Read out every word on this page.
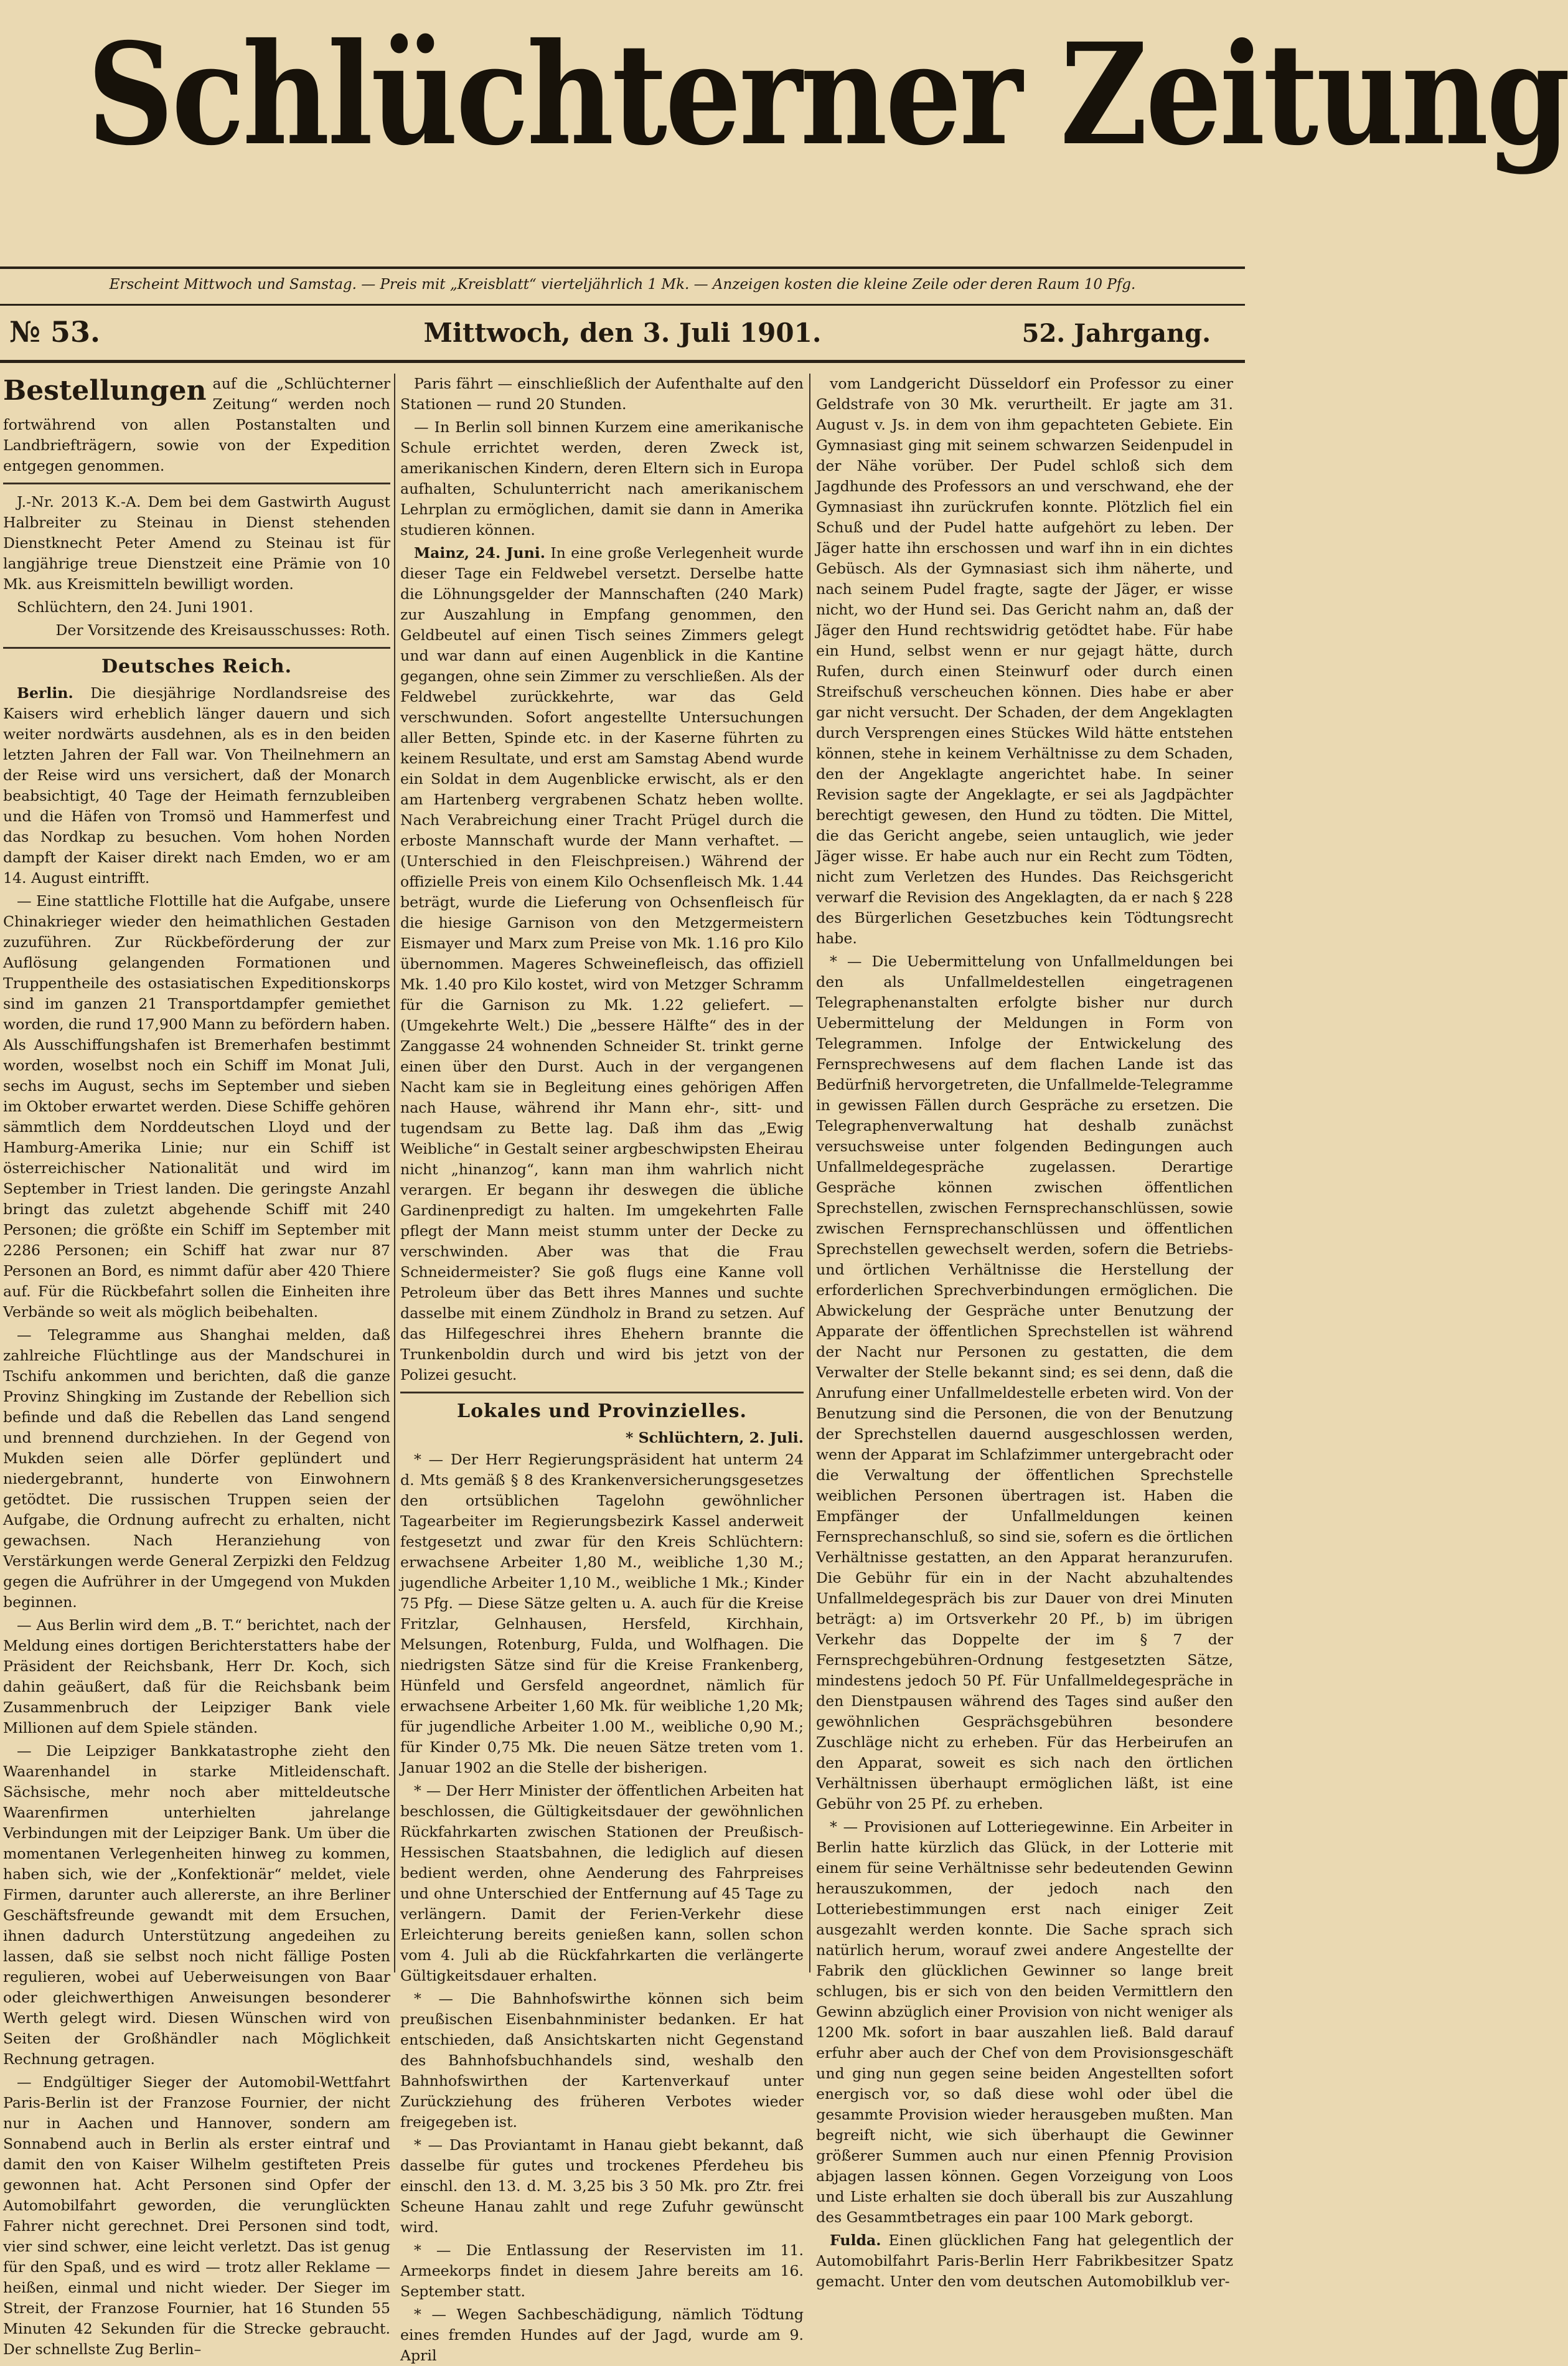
Schlüchterner Zeitung
Erscheint Mittwoch und Samstag. — Preis mit „Kreisblatt“ vierteljährlich 1 Mk. — Anzeigen kosten die kleine Zeile oder deren Raum 10 Pfg.
№ 53.	Mittwoch, den 3. Juli 1901.	52. Jahrgang.
Bestellungen auf die „Schlüchterner Zeitung“ werden noch fortwährend von allen Postanstalten und Landbriefträgern, sowie von der Expedition entgegen genommen.

J.-Nr. 2013 K.-A. Dem bei dem Gastwirth August Halbreiter zu Steinau in Dienst stehenden Dienstknecht Peter Amend zu Steinau ist für langjährige treue Dienstzeit eine Prämie von 10 Mk. aus Kreismitteln bewilligt worden.

Schlüchtern, den 24. Juni 1901.

Der Vorsitzende des Kreisausschusses: Roth.

Deutsches Reich.

Berlin. Die diesjährige Nordlandsreise des Kaisers wird erheblich länger dauern und sich weiter nordwärts ausdehnen, als es in den beiden letzten Jahren der Fall war. Von Theilnehmern an der Reise wird uns versichert, daß der Monarch beabsichtigt, 40 Tage der Heimath fernzubleiben und die Häfen von Tromsö und Hammerfest und das Nordkap zu besuchen. Vom hohen Norden dampft der Kaiser direkt nach Emden, wo er am 14. August eintrifft.

— Eine stattliche Flottille hat die Aufgabe, unsere Chinakrieger wieder den heimathlichen Gestaden zuzuführen. Zur Rückbeförderung der zur Auflösung gelangenden Formationen und Truppentheile des ostasiatischen Expeditionskorps sind im ganzen 21 Transportdampfer gemiethet worden, die rund 17,900 Mann zu befördern haben. Als Ausschiffungshafen ist Bremerhafen bestimmt worden, woselbst noch ein Schiff im Monat Juli, sechs im August, sechs im September und sieben im Oktober erwartet werden. Diese Schiffe gehören sämmtlich dem Norddeutschen Lloyd und der Hamburg-Amerika Linie; nur ein Schiff ist österreichischer Nationalität und wird im September in Triest landen. Die geringste Anzahl bringt das zuletzt abgehende Schiff mit 240 Personen; die größte ein Schiff im September mit 2286 Personen; ein Schiff hat zwar nur 87 Personen an Bord, es nimmt dafür aber 420 Thiere auf. Für die Rückbefahrt sollen die Einheiten ihre Verbände so weit als möglich beibehalten.

— Telegramme aus Shanghai melden, daß zahlreiche Flüchtlinge aus der Mandschurei in Tschifu ankommen und berichten, daß die ganze Provinz Shingking im Zustande der Rebellion sich befinde und daß die Rebellen das Land sengend und brennend durchziehen. In der Gegend von Mukden seien alle Dörfer geplündert und niedergebrannt, hunderte von Einwohnern getödtet. Die russischen Truppen seien der Aufgabe, die Ordnung aufrecht zu erhalten, nicht gewachsen. Nach Heranziehung von Verstärkungen werde General Zerpizki den Feldzug gegen die Aufrührer in der Umgegend von Mukden beginnen.

— Aus Berlin wird dem „B. T.“ berichtet, nach der Meldung eines dortigen Berichterstatters habe der Präsident der Reichsbank, Herr Dr. Koch, sich dahin geäußert, daß für die Reichsbank beim Zusammenbruch der Leipziger Bank viele Millionen auf dem Spiele ständen.

— Die Leipziger Bankkatastrophe zieht den Waarenhandel in starke Mitleidenschaft. Sächsische, mehr noch aber mitteldeutsche Waarenfirmen unterhielten jahrelange Verbindungen mit der Leipziger Bank. Um über die momentanen Verlegenheiten hinweg zu kommen, haben sich, wie der „Konfektionär“ meldet, viele Firmen, darunter auch allererste, an ihre Berliner Geschäftsfreunde gewandt mit dem Ersuchen, ihnen dadurch Unterstützung angedeihen zu lassen, daß sie selbst noch nicht fällige Posten regulieren, wobei auf Ueberweisungen von Baar oder gleichwerthigen Anweisungen besonderer Werth gelegt wird. Diesen Wünschen wird von Seiten der Großhändler nach Möglichkeit Rechnung getragen.

— Endgültiger Sieger der Automobil-Wettfahrt Paris-Berlin ist der Franzose Fournier, der nicht nur in Aachen und Hannover, sondern am Sonnabend auch in Berlin als erster eintraf und damit den von Kaiser Wilhelm gestifteten Preis gewonnen hat. Acht Personen sind Opfer der Automobilfahrt geworden, die verunglückten Fahrer nicht gerechnet. Drei Personen sind todt, vier sind schwer, eine leicht verletzt. Das ist genug für den Spaß, und es wird — trotz aller Reklame — heißen, einmal und nicht wieder. Der Sieger im Streit, der Franzose Fournier, hat 16 Stunden 55 Minuten 42 Sekunden für die Strecke gebraucht. Der schnellste Zug Berlin–

Paris fährt — einschließlich der Aufenthalte auf den Stationen — rund 20 Stunden.

— In Berlin soll binnen Kurzem eine amerikanische Schule errichtet werden, deren Zweck ist, amerikanischen Kindern, deren Eltern sich in Europa aufhalten, Schulunterricht nach amerikanischem Lehrplan zu ermöglichen, damit sie dann in Amerika studieren können.

Mainz, 24. Juni. In eine große Verlegenheit wurde dieser Tage ein Feldwebel versetzt. Derselbe hatte die Löhnungsgelder der Mannschaften (240 Mark) zur Auszahlung in Empfang genommen, den Geldbeutel auf einen Tisch seines Zimmers gelegt und war dann auf einen Augenblick in die Kantine gegangen, ohne sein Zimmer zu verschließen. Als der Feldwebel zurückkehrte, war das Geld verschwunden. Sofort angestellte Untersuchungen aller Betten, Spinde etc. in der Kaserne führten zu keinem Resultate, und erst am Samstag Abend wurde ein Soldat in dem Augenblicke erwischt, als er den am Hartenberg vergrabenen Schatz heben wollte. Nach Verabreichung einer Tracht Prügel durch die erboste Mannschaft wurde der Mann verhaftet. — (Unterschied in den Fleischpreisen.) Während der offizielle Preis von einem Kilo Ochsenfleisch Mk. 1.44 beträgt, wurde die Lieferung von Ochsenfleisch für die hiesige Garnison von den Metzgermeistern Eismayer und Marx zum Preise von Mk. 1.16 pro Kilo übernommen. Mageres Schweinefleisch, das offiziell Mk. 1.40 pro Kilo kostet, wird von Metzger Schramm für die Garnison zu Mk. 1.22 geliefert. — (Umgekehrte Welt.) Die „bessere Hälfte“ des in der Zanggasse 24 wohnenden Schneider St. trinkt gerne einen über den Durst. Auch in der vergangenen Nacht kam sie in Begleitung eines gehörigen Affen nach Hause, während ihr Mann ehr-, sitt- und tugendsam zu Bette lag. Daß ihm das „Ewig Weibliche“ in Gestalt seiner argbeschwipsten Eheirau nicht „hinanzog“, kann man ihm wahrlich nicht verargen. Er begann ihr deswegen die übliche Gardinenpredigt zu halten. Im umgekehrten Falle pflegt der Mann meist stumm unter der Decke zu verschwinden. Aber was that die Frau Schneidermeister? Sie goß flugs eine Kanne voll Petroleum über das Bett ihres Mannes und suchte dasselbe mit einem Zündholz in Brand zu setzen. Auf das Hilfegeschrei ihres Ehehern brannte die Trunkenboldin durch und wird bis jetzt von der Polizei gesucht.

Lokales und Provinzielles.
* Schlüchtern, 2. Juli.

* — Der Herr Regierungspräsident hat unterm 24 d. Mts gemäß § 8 des Krankenversicherungsgesetzes den ortsüblichen Tagelohn gewöhnlicher Tagearbeiter im Regierungsbezirk Kassel anderweit festgesetzt und zwar für den Kreis Schlüchtern: erwachsene Arbeiter 1,80 M., weibliche 1,30 M.; jugendliche Arbeiter 1,10 M., weibliche 1 Mk.; Kinder 75 Pfg. — Diese Sätze gelten u. A. auch für die Kreise Fritzlar, Gelnhausen, Hersfeld, Kirchhain, Melsungen, Rotenburg, Fulda, und Wolfhagen. Die niedrigsten Sätze sind für die Kreise Frankenberg, Hünfeld und Gersfeld angeordnet, nämlich für erwachsene Arbeiter 1,60 Mk. für weibliche 1,20 Mk; für jugendliche Arbeiter 1.00 M., weibliche 0,90 M.; für Kinder 0,75 Mk. Die neuen Sätze treten vom 1. Januar 1902 an die Stelle der bisherigen.

* — Der Herr Minister der öffentlichen Arbeiten hat beschlossen, die Gültigkeitsdauer der gewöhnlichen Rückfahrkarten zwischen Stationen der Preußisch-Hessischen Staatsbahnen, die lediglich auf diesen bedient werden, ohne Aenderung des Fahrpreises und ohne Unterschied der Entfernung auf 45 Tage zu verlängern. Damit der Ferien-Verkehr diese Erleichterung bereits genießen kann, sollen schon vom 4. Juli ab die Rückfahrkarten die verlängerte Gültigkeitsdauer erhalten.

* — Die Bahnhofswirthe können sich beim preußischen Eisenbahnminister bedanken. Er hat entschieden, daß Ansichtskarten nicht Gegenstand des Bahnhofsbuchhandels sind, weshalb den Bahnhofswirthen der Kartenverkauf unter Zurückziehung des früheren Verbotes wieder freigegeben ist.

* — Das Proviantamt in Hanau giebt bekannt, daß dasselbe für gutes und trockenes Pferdeheu bis einschl. den 13. d. M. 3,25 bis 3 50 Mk. pro Ztr. frei Scheune Hanau zahlt und rege Zufuhr gewünscht wird.

* — Die Entlassung der Reservisten im 11. Armeekorps findet in diesem Jahre bereits am 16. September statt.

* — Wegen Sachbeschädigung, nämlich Tödtung eines fremden Hundes auf der Jagd, wurde am 9. April

vom Landgericht Düsseldorf ein Professor zu einer Geldstrafe von 30 Mk. verurtheilt. Er jagte am 31. August v. Js. in dem von ihm gepachteten Gebiete. Ein Gymnasiast ging mit seinem schwarzen Seidenpudel in der Nähe vorüber. Der Pudel schloß sich dem Jagdhunde des Professors an und verschwand, ehe der Gymnasiast ihn zurückrufen konnte. Plötzlich fiel ein Schuß und der Pudel hatte aufgehört zu leben. Der Jäger hatte ihn erschossen und warf ihn in ein dichtes Gebüsch. Als der Gymnasiast sich ihm näherte, und nach seinem Pudel fragte, sagte der Jäger, er wisse nicht, wo der Hund sei. Das Gericht nahm an, daß der Jäger den Hund rechtswidrig getödtet habe. Für habe ein Hund, selbst wenn er nur gejagt hätte, durch Rufen, durch einen Steinwurf oder durch einen Streifschuß verscheuchen können. Dies habe er aber gar nicht versucht. Der Schaden, der dem Angeklagten durch Versprengen eines Stückes Wild hätte entstehen können, stehe in keinem Verhältnisse zu dem Schaden, den der Angeklagte angerichtet habe. In seiner Revision sagte der Angeklagte, er sei als Jagdpächter berechtigt gewesen, den Hund zu tödten. Die Mittel, die das Gericht angebe, seien untauglich, wie jeder Jäger wisse. Er habe auch nur ein Recht zum Tödten, nicht zum Verletzen des Hundes. Das Reichsgericht verwarf die Revision des Angeklagten, da er nach § 228 des Bürgerlichen Gesetzbuches kein Tödtungsrecht habe.

* — Die Uebermittelung von Unfallmeldungen bei den als Unfallmeldestellen eingetragenen Telegraphenanstalten erfolgte bisher nur durch Uebermittelung der Meldungen in Form von Telegrammen. Infolge der Entwickelung des Fernsprechwesens auf dem flachen Lande ist das Bedürfniß hervorgetreten, die Unfallmelde-Telegramme in gewissen Fällen durch Gespräche zu ersetzen. Die Telegraphenverwaltung hat deshalb zunächst versuchsweise unter folgenden Bedingungen auch Unfallmeldegespräche zugelassen. Derartige Gespräche können zwischen öffentlichen Sprechstellen, zwischen Fernsprechanschlüssen, sowie zwischen Fernsprechanschlüssen und öffentlichen Sprechstellen gewechselt werden, sofern die Betriebs- und örtlichen Verhältnisse die Herstellung der erforderlichen Sprechverbindungen ermöglichen. Die Abwickelung der Gespräche unter Benutzung der Apparate der öffentlichen Sprechstellen ist während der Nacht nur Personen zu gestatten, die dem Verwalter der Stelle bekannt sind; es sei denn, daß die Anrufung einer Unfallmeldestelle erbeten wird. Von der Benutzung sind die Personen, die von der Benutzung der Sprechstellen dauernd ausgeschlossen werden, wenn der Apparat im Schlafzimmer untergebracht oder die Verwaltung der öffentlichen Sprechstelle weiblichen Personen übertragen ist. Haben die Empfänger der Unfallmeldungen keinen Fernsprechanschluß, so sind sie, sofern es die örtlichen Verhältnisse gestatten, an den Apparat heranzurufen. Die Gebühr für ein in der Nacht abzuhaltendes Unfallmeldegespräch bis zur Dauer von drei Minuten beträgt: a) im Ortsverkehr 20 Pf., b) im übrigen Verkehr das Doppelte der im § 7 der Fernsprechgebühren-Ordnung festgesetzten Sätze, mindestens jedoch 50 Pf. Für Unfallmeldegespräche in den Dienstpausen während des Tages sind außer den gewöhnlichen Gesprächsgebühren besondere Zuschläge nicht zu erheben. Für das Herbeirufen an den Apparat, soweit es sich nach den örtlichen Verhältnissen überhaupt ermöglichen läßt, ist eine Gebühr von 25 Pf. zu erheben.

* — Provisionen auf Lotteriegewinne. Ein Arbeiter in Berlin hatte kürzlich das Glück, in der Lotterie mit einem für seine Verhältnisse sehr bedeutenden Gewinn herauszukommen, der jedoch nach den Lotteriebestimmungen erst nach einiger Zeit ausgezahlt werden konnte. Die Sache sprach sich natürlich herum, worauf zwei andere Angestellte der Fabrik den glücklichen Gewinner so lange breit schlugen, bis er sich von den beiden Vermittlern den Gewinn abzüglich einer Provision von nicht weniger als 1200 Mk. sofort in baar auszahlen ließ. Bald darauf erfuhr aber auch der Chef von dem Provisionsgeschäft und ging nun gegen seine beiden Angestellten sofort energisch vor, so daß diese wohl oder übel die gesammte Provision wieder herausgeben mußten. Man begreift nicht, wie sich überhaupt die Gewinner größerer Summen auch nur einen Pfennig Provision abjagen lassen können. Gegen Vorzeigung von Loos und Liste erhalten sie doch überall bis zur Auszahlung des Gesammtbetrages ein paar 100 Mark geborgt.

Fulda. Einen glücklichen Fang hat gelegentlich der Automobilfahrt Paris-Berlin Herr Fabrikbesitzer Spatz gemacht. Unter den vom deutschen Automobilklub ver-
